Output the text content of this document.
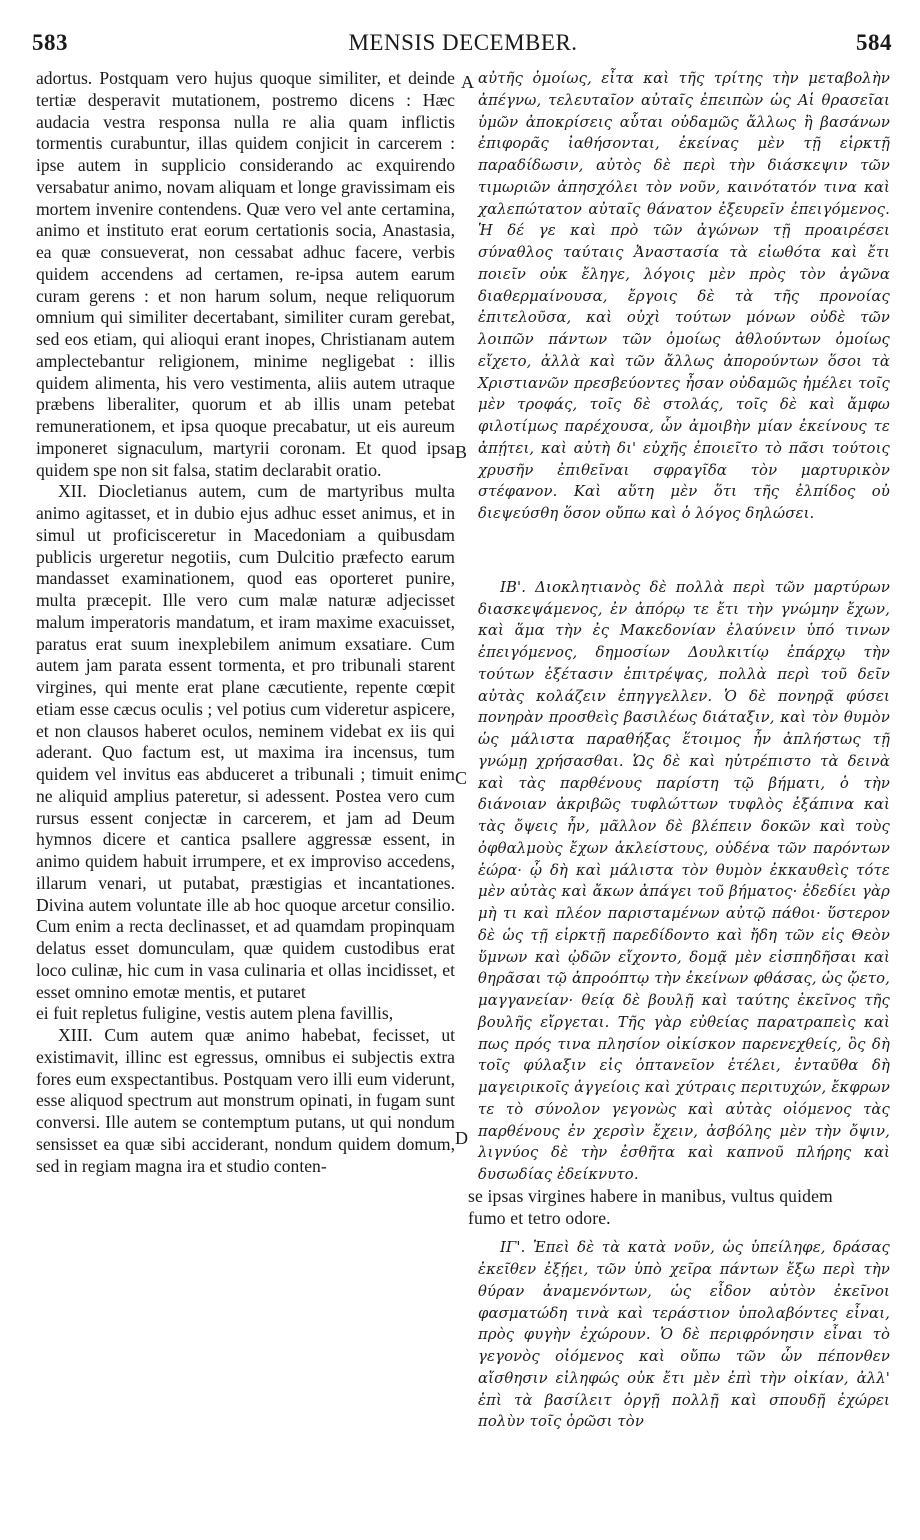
583	MENSIS DECEMBER.	584
A
B
C
D

adortus. Postquam vero hujus quoque similiter, et deinde tertiæ desperavit mutationem, postremo dicens : Hæc audacia vestra responsa nulla re alia quam inflictis tormentis curabuntur, illas quidem conjicit in carcerem : ipse autem in supplicio considerando ac exquirendo versabatur animo, novam aliquam et longe gravissimam eis mortem invenire contendens. Quæ vero vel ante certamina, animo et instituto erat eorum certationis socia, Anastasia, ea quæ consueverat, non cessabat adhuc facere, verbis quidem accendens ad certamen, re-ipsa autem earum curam gerens : et non harum solum, neque reliquorum omnium qui similiter decertabant, similiter curam gerebat, sed eos etiam, qui alioqui erant inopes, Christianam autem amplectebantur religionem, minime negligebat : illis quidem alimenta, his vero vestimenta, aliis autem utraque præbens liberaliter, quorum et ab illis unam petebat remunerationem, et ipsa quoque precabatur, ut eis aureum imponeret signaculum, martyrii coronam. Et quod ipsa quidem spe non sit falsa, statim declarabit oratio.

XII. Diocletianus autem, cum de martyribus multa animo agitasset, et in dubio ejus adhuc esset animus, et in simul ut proficisceretur in Macedoniam a quibusdam publicis urgeretur negotiis, cum Dulcitio præfecto earum mandasset examinationem, quod eas oporteret punire, multa præcepit. Ille vero cum malæ naturæ adjecisset malum imperatoris mandatum, et iram maxime exacuisset, paratus erat suum inexplebilem animum exsatiare. Cum autem jam parata essent tormenta, et pro tribunali starent virgines, qui mente erat plane cæcutiente, repente cœpit etiam esse cæcus oculis ; vel potius cum videretur aspicere, et non clausos haberet oculos, neminem videbat ex iis qui aderant. Quo factum est, ut maxima ira incensus, tum quidem vel invitus eas abduceret a tribunali ; timuit enim ne aliquid amplius pateretur, si adessent. Postea vero cum rursus essent conjectæ in carcerem, et jam ad Deum hymnos dicere et cantica psallere aggressæ essent, in animo quidem habuit irrumpere, et ex improviso accedens, illarum venari, ut putabat, præstigias et incantationes. Divina autem voluntate ille ab hoc quoque arcetur consilio. Cum enim a recta declinasset, et ad quamdam propinquam delatus esset domunculam, quæ quidem custodibus erat loco culinæ, hic cum in vasa culinaria et ollas incidisset, et esset omnino emotæ mentis, et putaret

ei fuit repletus fuligine, vestis autem plena favillis,

XIII. Cum autem quæ animo habebat, fecisset, ut existimavit, illinc est egressus, omnibus ei subjectis extra fores eum exspectantibus. Postquam vero illi eum viderunt, esse aliquod spectrum aut monstrum opinati, in fugam sunt conversi. Ille autem se contemptum putans, ut qui nondum sensisset ea quæ sibi acciderant, nondum quidem domum, sed in regiam magna ira et studio conten-

αὐτῆς ὁμοίως, εἶτα καὶ τῆς τρίτης τὴν μεταβολὴν ἀπέγνω, τελευταῖον αὐταῖς ἐπειπὼν ὡς Αἱ θρασεῖαι ὑμῶν ἀποκρίσεις αὗται οὐδαμῶς ἄλλως ἢ βασάνων ἐπιφορᾶς ἰαθήσονται, ἐκείνας μὲν τῇ εἱρκτῇ παραδίδωσιν, αὐτὸς δὲ περὶ τὴν διάσκεψιν τῶν τιμωριῶν ἀπησχόλει τὸν νοῦν, καινότατόν τινα καὶ χαλεπώτατον αὐταῖς θάνατον ἐξευρεῖν ἐπειγόμενος. Ἡ δέ γε καὶ πρὸ τῶν ἀγώνων τῇ προαιρέσει σύναθλος ταύταις Ἀναστασία τὰ εἰωθότα καὶ ἔτι ποιεῖν οὐκ ἔληγε, λόγοις μὲν πρὸς τὸν ἀγῶνα διαθερμαίνουσα, ἔργοις δὲ τὰ τῆς προνοίας ἐπιτελοῦσα, καὶ οὐχὶ τούτων μόνων οὐδὲ τῶν λοιπῶν πάντων τῶν ὁμοίως ἀθλούντων ὁμοίως εἴχετο, ἀλλὰ καὶ τῶν ἄλλως ἀπορούντων ὅσοι τὰ Χριστιανῶν πρεσβεύοντες ἦσαν οὐδαμῶς ἠμέλει τοῖς μὲν τροφάς, τοῖς δὲ στολάς, τοῖς δὲ καὶ ἄμφω φιλοτίμως παρέχουσα, ὧν ἀμοιβὴν μίαν ἐκείνους τε ἀπῄτει, καὶ αὐτὴ δι' εὐχῆς ἐποιεῖτο τὸ πᾶσι τούτοις χρυσῆν ἐπιθεῖναι σφραγῖδα τὸν μαρτυρικὸν στέφανον. Καὶ αὕτη μὲν ὅτι τῆς ἐλπίδος οὐ διεψεύσθη ὅσον οὔπω καὶ ὁ λόγος δηλώσει.

ΙΒ'. Διοκλητιανὸς δὲ πολλὰ περὶ τῶν μαρτύρων διασκεψάμενος, ἐν ἀπόρῳ τε ἔτι τὴν γνώμην ἔχων, καὶ ἅμα τὴν ἐς Μακεδονίαν ἐλαύνειν ὑπό τινων ἐπειγόμενος, δημοσίων Δουλκιτίῳ ἐπάρχῳ τὴν τούτων ἐξέτασιν ἐπιτρέψας, πολλὰ περὶ τοῦ δεῖν αὐτὰς κολάζειν ἐπηγγελλεν. Ὁ δὲ πονηρᾷ φύσει πονηρὰν προσθεὶς βασιλέως διάταξιν, καὶ τὸν θυμὸν ὡς μάλιστα παραθήξας ἕτοιμος ἦν ἀπλήστως τῇ γνώμῃ χρήσασθαι. Ὡς δὲ καὶ ηὐτρέπιστο τὰ δεινὰ καὶ τὰς παρθένους παρίστη τῷ βήματι, ὁ τὴν διάνοιαν ἀκριβῶς τυφλώττων τυφλὸς ἐξάπινα καὶ τὰς ὄψεις ἦν, μᾶλλον δὲ βλέπειν δοκῶν καὶ τοὺς ὀφθαλμοὺς ἔχων ἀκλείστους, οὐδένα τῶν παρόντων ἑώρα· ᾧ δὴ καὶ μάλιστα τὸν θυμὸν ἐκκαυθεὶς τότε μὲν αὐτὰς καὶ ἄκων ἀπάγει τοῦ βήματος· ἐδεδίει γὰρ μὴ τι καὶ πλέον παρισταμένων αὐτῷ πάθοι· ὕστερον δὲ ὡς τῇ εἱρκτῇ παρεδίδοντο καὶ ἤδη τῶν εἰς Θεὸν ὕμνων καὶ ᾠδῶν εἴχοντο, δομᾷ μὲν εἰσπηδῆσαι καὶ θηρᾶσαι τῷ ἀπροόπτῳ τὴν ἐκείνων φθάσας, ὡς ᾤετο, μαγγανείαν· θείᾳ δὲ βουλῇ καὶ ταύτης ἐκεῖνος τῆς βουλῆς εἴργεται. Τῆς γὰρ εὐθείας παρατραπεὶς καὶ πως πρός τινα πλησίον οἰκίσκον παρενεχθείς, ὃς δὴ τοῖς φύλαξιν εἰς ὀπτανεῖον ἐτέλει, ἐνταῦθα δὴ μαγειρικοῖς ἀγγείοις καὶ χύτραις περιτυχών, ἔκφρων τε τὸ σύνολον γεγονὼς καὶ αὐτὰς οἰόμενος τὰς παρθένους ἐν χερσὶν ἔχειν, ἀσβόλης μὲν τὴν ὄψιν, λιγνύος δὲ τὴν ἐσθῆτα καὶ καπνοῦ πλήρης καὶ δυσωδίας ἐδείκνυτο.

se ipsas virgines habere in manibus, vultus quidem

fumo et tetro odore.

ΙΓ'. Ἐπεὶ δὲ τὰ κατὰ νοῦν, ὡς ὑπείληφε, δράσας ἐκεῖθεν ἐξῄει, τῶν ὑπὸ χεῖρα πάντων ἔξω περὶ τὴν θύραν ἀναμενόντων, ὡς εἶδον αὐτὸν ἐκεῖνοι φασματώδη τινὰ καὶ τεράστιον ὑπολαβόντες εἶναι, πρὸς φυγὴν ἐχώρουν. Ὁ δὲ περιφρόνησιν εἶναι τὸ γεγονὸς οἰόμενος καὶ οὔπω τῶν ὧν πέπονθεν αἴσθησιν εἰληφώς οὐκ ἔτι μὲν ἐπὶ τὴν οἰκίαν, ἀλλ' ἐπὶ τὰ βασίλειτ ὀργῇ πολλῇ καὶ σπουδῇ ἐχώρει πολὺν τοῖς ὁρῶσι τὸν
